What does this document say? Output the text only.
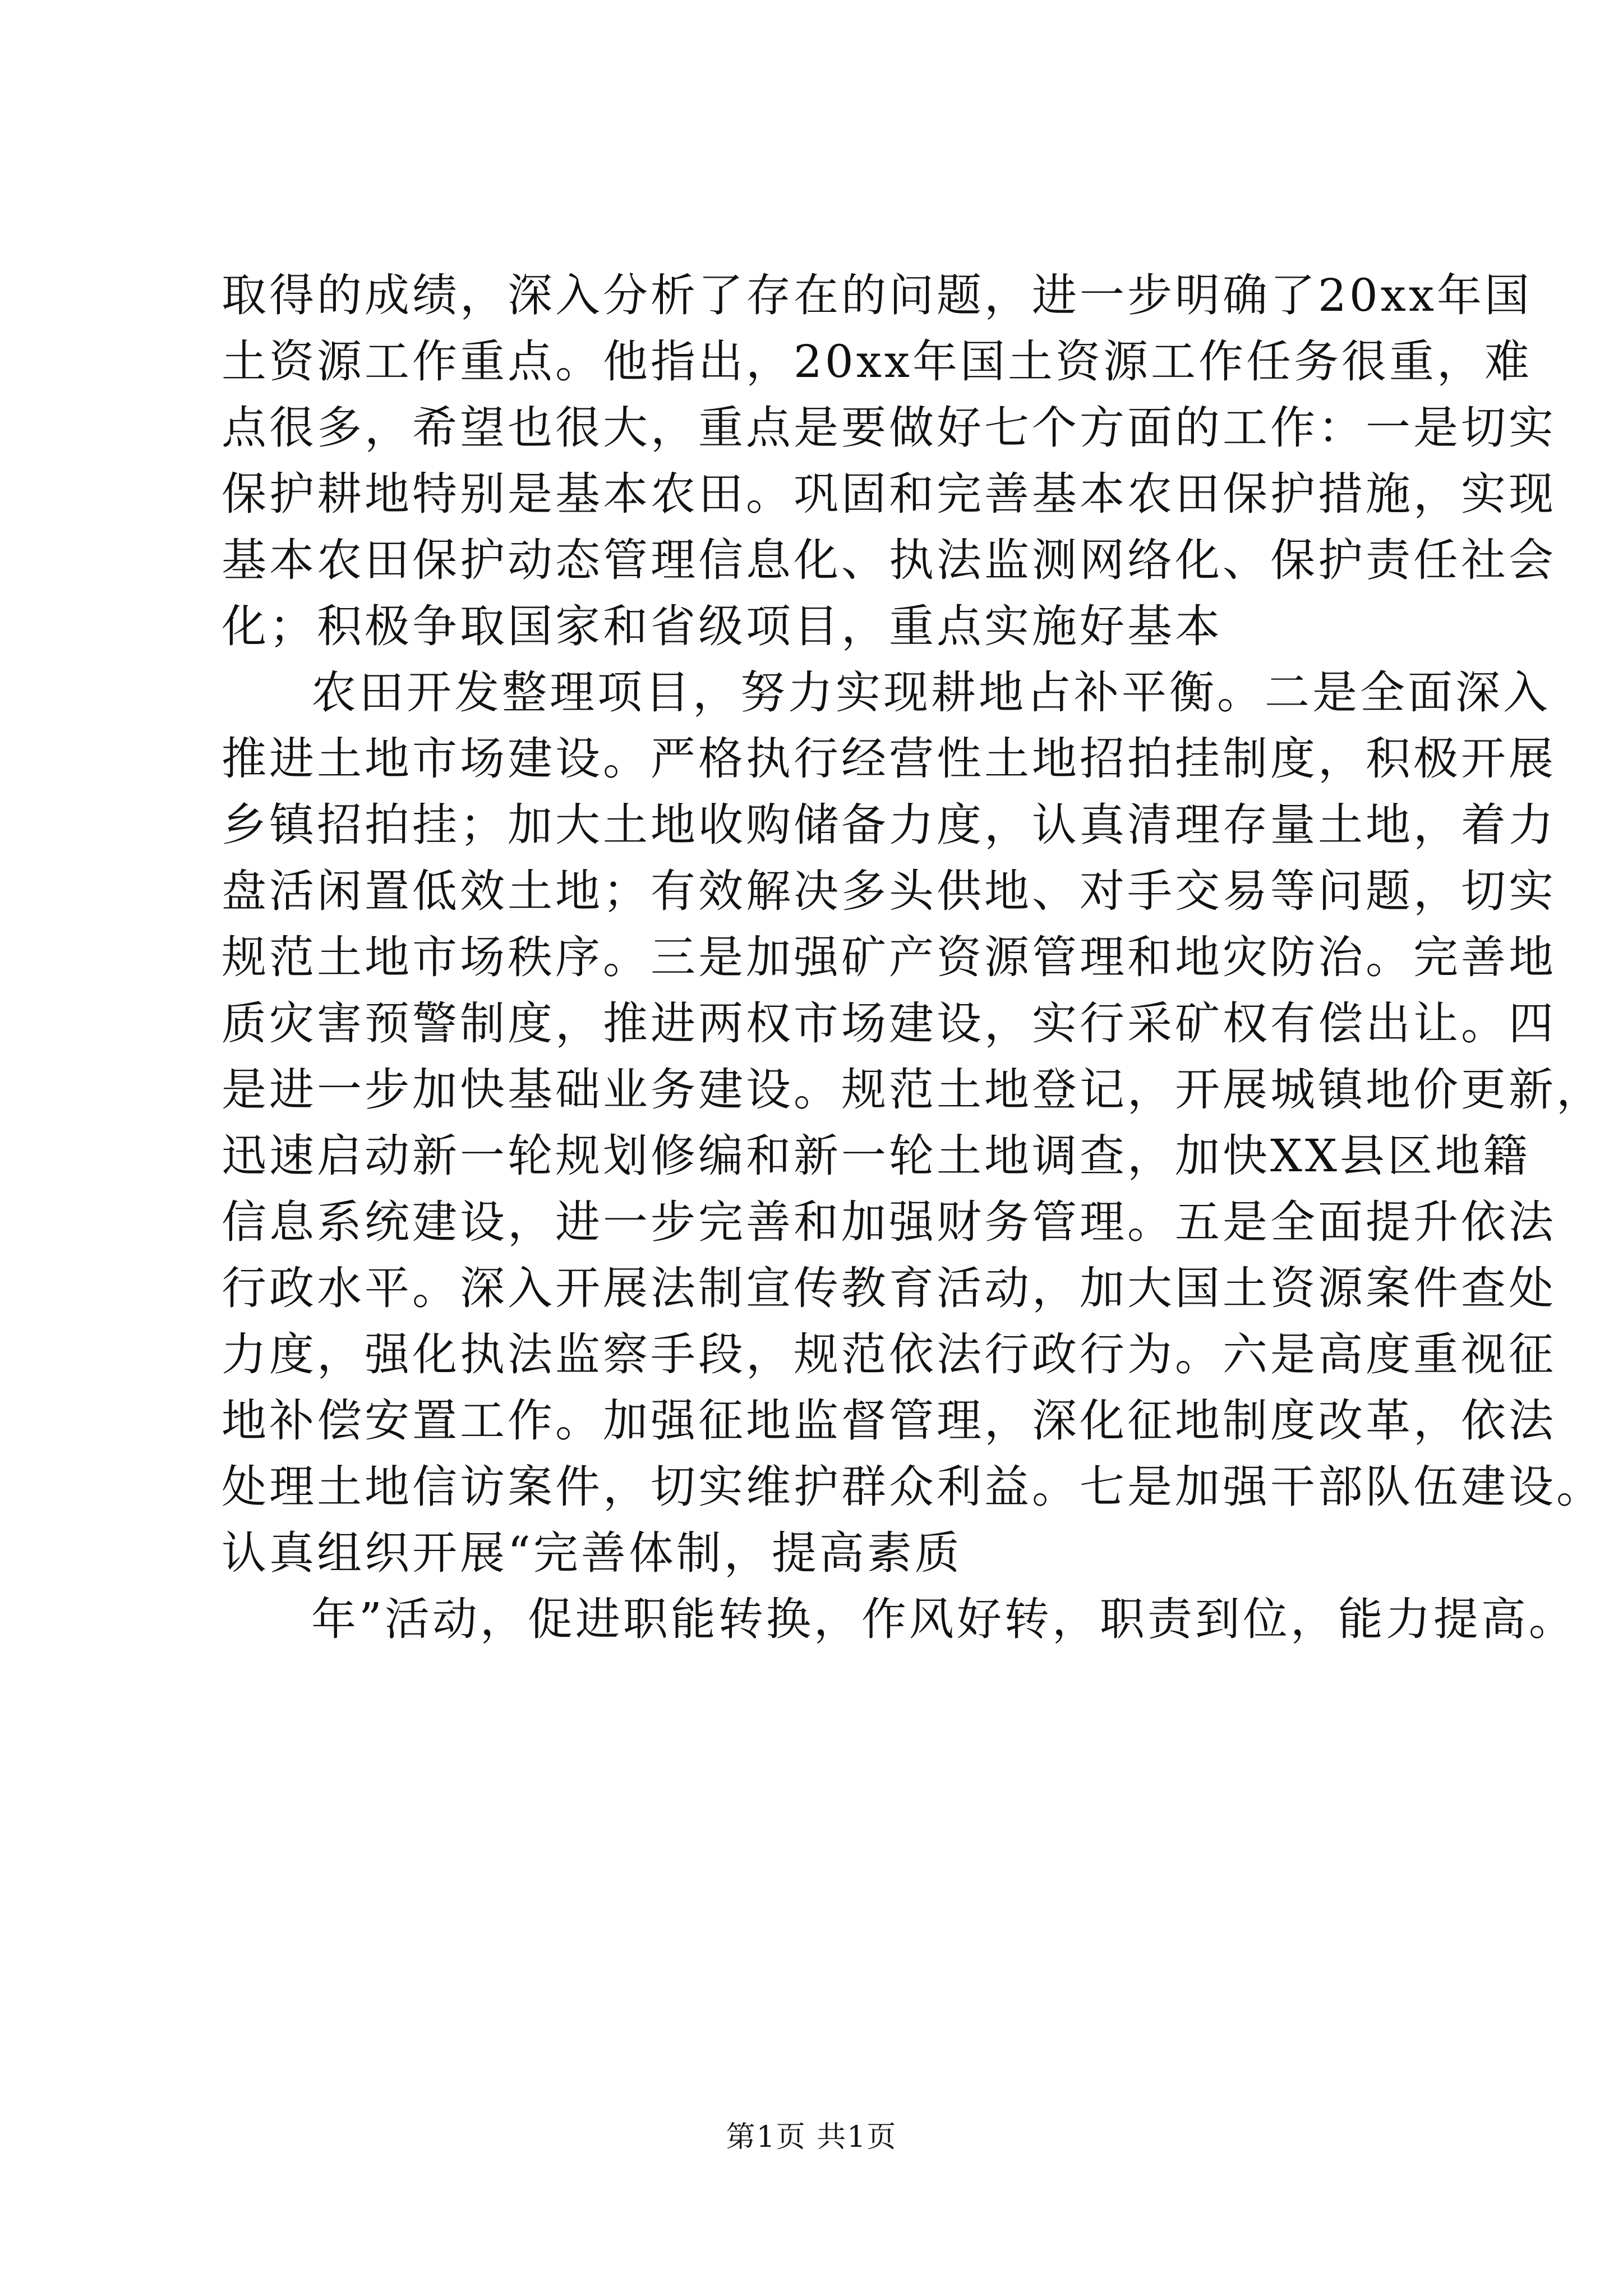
取得的成绩，深入分析了存在的问题，进一步明确了20xx年国
土资源工作重点。他指出，20xx年国土资源工作任务很重，难
点很多，希望也很大，重点是要做好七个方面的工作：一是切实
保护耕地特别是基本农田。巩固和完善基本农田保护措施，实现
基本农田保护动态管理信息化、执法监测网络化、保护责任社会
化；积极争取国家和省级项目，重点实施好基本

农田开发整理项目，努力实现耕地占补平衡。二是全面深入
推进土地市场建设。严格执行经营性土地招拍挂制度，积极开展
乡镇招拍挂；加大土地收购储备力度，认真清理存量土地，着力
盘活闲置低效土地；有效解决多头供地、对手交易等问题，切实
规范土地市场秩序。三是加强矿产资源管理和地灾防治。完善地
质灾害预警制度，推进两权市场建设，实行采矿权有偿出让。四
是进一步加快基础业务建设。规范土地登记，开展城镇地价更新，
迅速启动新一轮规划修编和新一轮土地调查，加快XX县区地籍
信息系统建设，进一步完善和加强财务管理。五是全面提升依法
行政水平。深入开展法制宣传教育活动，加大国土资源案件查处
力度，强化执法监察手段，规范依法行政行为。六是高度重视征
地补偿安置工作。加强征地监督管理，深化征地制度改革，依法
处理土地信访案件，切实维护群众利益。七是加强干部队伍建设。
认真组织开展“完善体制，提高素质

年”活动，促进职能转换，作风好转，职责到位，能力提高。

第1页 共1页
